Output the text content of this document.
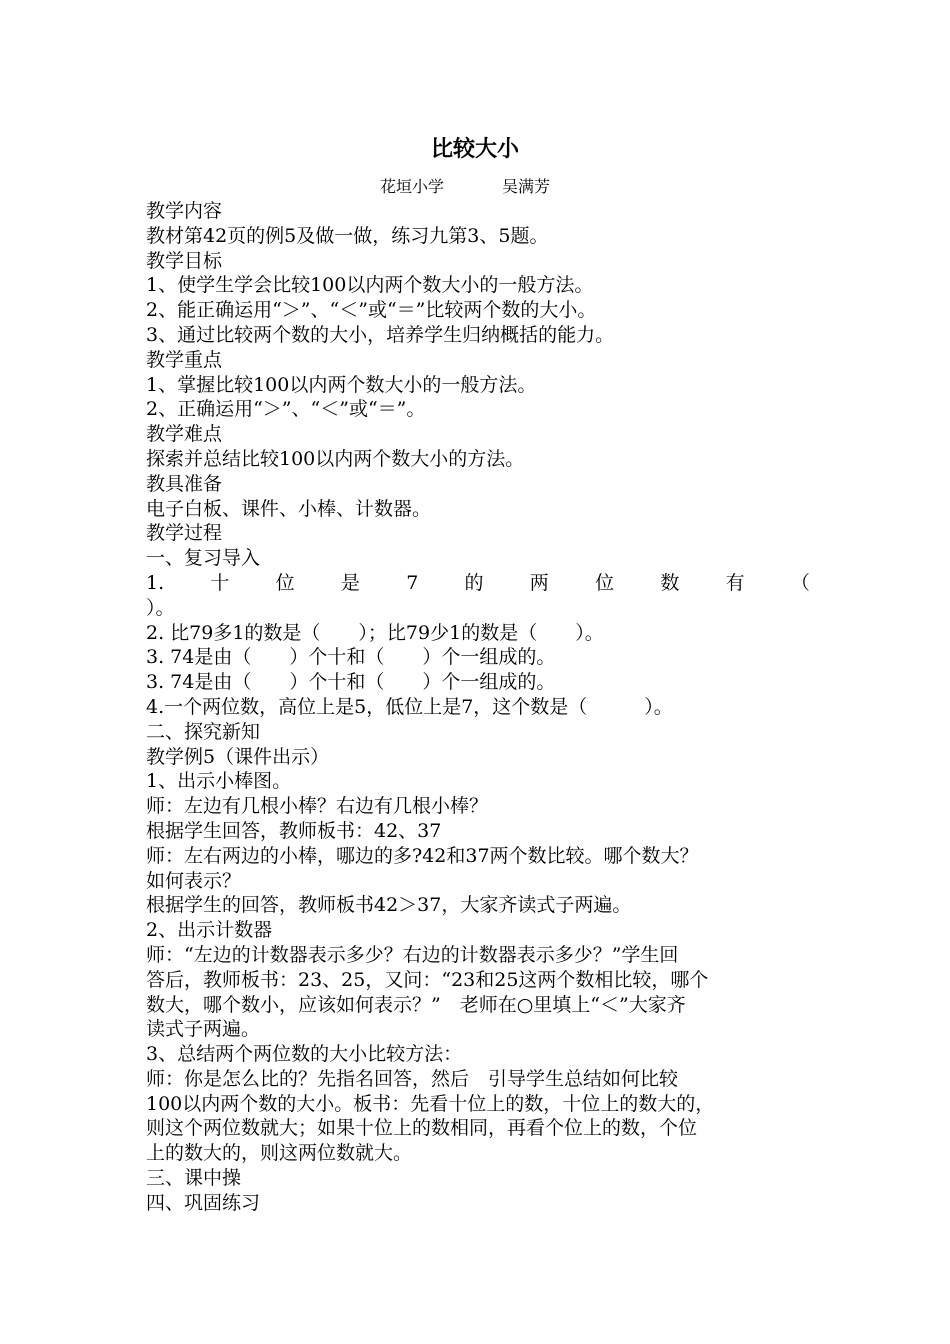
比较大小
花垣小学	吴满芳
教学内容
教材第42页的例5及做一做，练习九第3、5题。
教学目标
1、使学生学会比较100以内两个数大小的一般方法。
2、能正确运用“＞”、“＜”或“＝”比较两个数的大小。
3、通过比较两个数的大小，培养学生归纳概括的能力。
教学重点
1、掌握比较100以内两个数大小的一般方法。
2、正确运用“＞”、“＜”或“＝”。
教学难点
探索并总结比较100以内两个数大小的方法。
教具准备
电子白板、课件、小棒、计数器。
教学过程
一、复习导入
1. 十 位 是 7 的 两 位 数 有 （
）。
2. 比79多1的数是（　　）；比79少1的数是（　　）。
3. 74是由（　　）个十和（　　）个一组成的。
3. 74是由（　　）个十和（　　）个一组成的。
4.一个两位数，高位上是5，低位上是7，这个数是（　　　）。
二、探究新知
教学例5（课件出示）
1、出示小棒图。
师：左边有几根小棒？右边有几根小棒？
根据学生回答，教师板书：42、37
师：左右两边的小棒，哪边的多?42和37两个数比较。哪个数大？
如何表示？
根据学生的回答，教师板书42＞37，大家齐读式子两遍。
2、出示计数器
师：“左边的计数器表示多少？右边的计数器表示多少？”学生回
答后，教师板书：23、25，又问：“23和25这两个数相比较，哪个
数大，哪个数小，应该如何表示？”　老师在○里填上“＜”大家齐
读式子两遍。
3、总结两个两位数的大小比较方法：
师：你是怎么比的？先指名回答，然后　引导学生总结如何比较
100以内两个数的大小。板书：先看十位上的数，十位上的数大的，
则这个两位数就大；如果十位上的数相同，再看个位上的数，个位
上的数大的，则这两位数就大。
三、课中操
四、巩固练习
